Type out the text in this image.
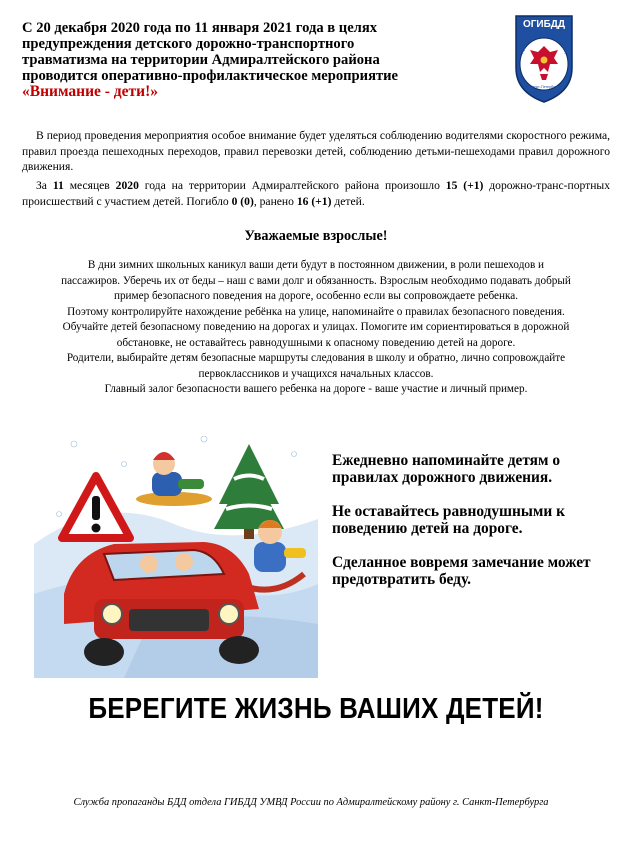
С 20 декабря 2020 года по 11 января 2021 года в целях
предупреждения детского дорожно-транспортного
травматизма на территории Адмиралтейского района
проводится оперативно-профилактическое мероприятие
«Внимание - дети!»
ОГИБДД
АДМИРАЛТЕЙСКОГО РАЙОНА
Санкт-Петербург
В период проведения мероприятия особое внимание будет уделяться соблюдению водителями скоростного режима, правил проезда пешеходных переходов, правил перевозки детей, соблюдению детьми-пешеходами правил дорожного движения.
За 11 месяцев 2020 года на территории Адмиралтейского района произошло 15 (+1) дорожно-транс-портных происшествий с участием детей. Погибло 0 (0), ранено 16 (+1) детей.
Уважаемые взрослые!
В дни зимних школьных каникул ваши дети будут в постоянном движении, в роли пешеходов и
пассажиров. Уберечь их от беды – наш с вами долг и обязанность. Взрослым необходимо подавать добрый
пример безопасного поведения на дороге, особенно если вы сопровождаете ребенка.
Поэтому контролируйте нахождение ребёнка на улице, напоминайте о правилах безопасного поведения.
Обучайте детей безопасному поведению на дорогах и улицах. Помогите им сориентироваться в дорожной
обстановке, не оставайтесь равнодушными к опасному поведению детей на дороге.
Родители, выбирайте детям безопасные маршруты следования в школу и обратно, лично сопровождайте
первоклассников и учащихся начальных классов.
Главный залог безопасности вашего ребенка на дороге - ваше участие и личный пример.

Ежедневно напоминайте детям о правилах дорожного движения.

Не оставайтесь равнодушными к поведению детей на дороге.

Сделанное вовремя замечание может предотвратить беду.

БЕРЕГИТЕ ЖИЗНЬ ВАШИХ ДЕТЕЙ!
Служба пропаганды БДД отдела ГИБДД УМВД России по Адмиралтейскому району г. Санкт-Петербурга
